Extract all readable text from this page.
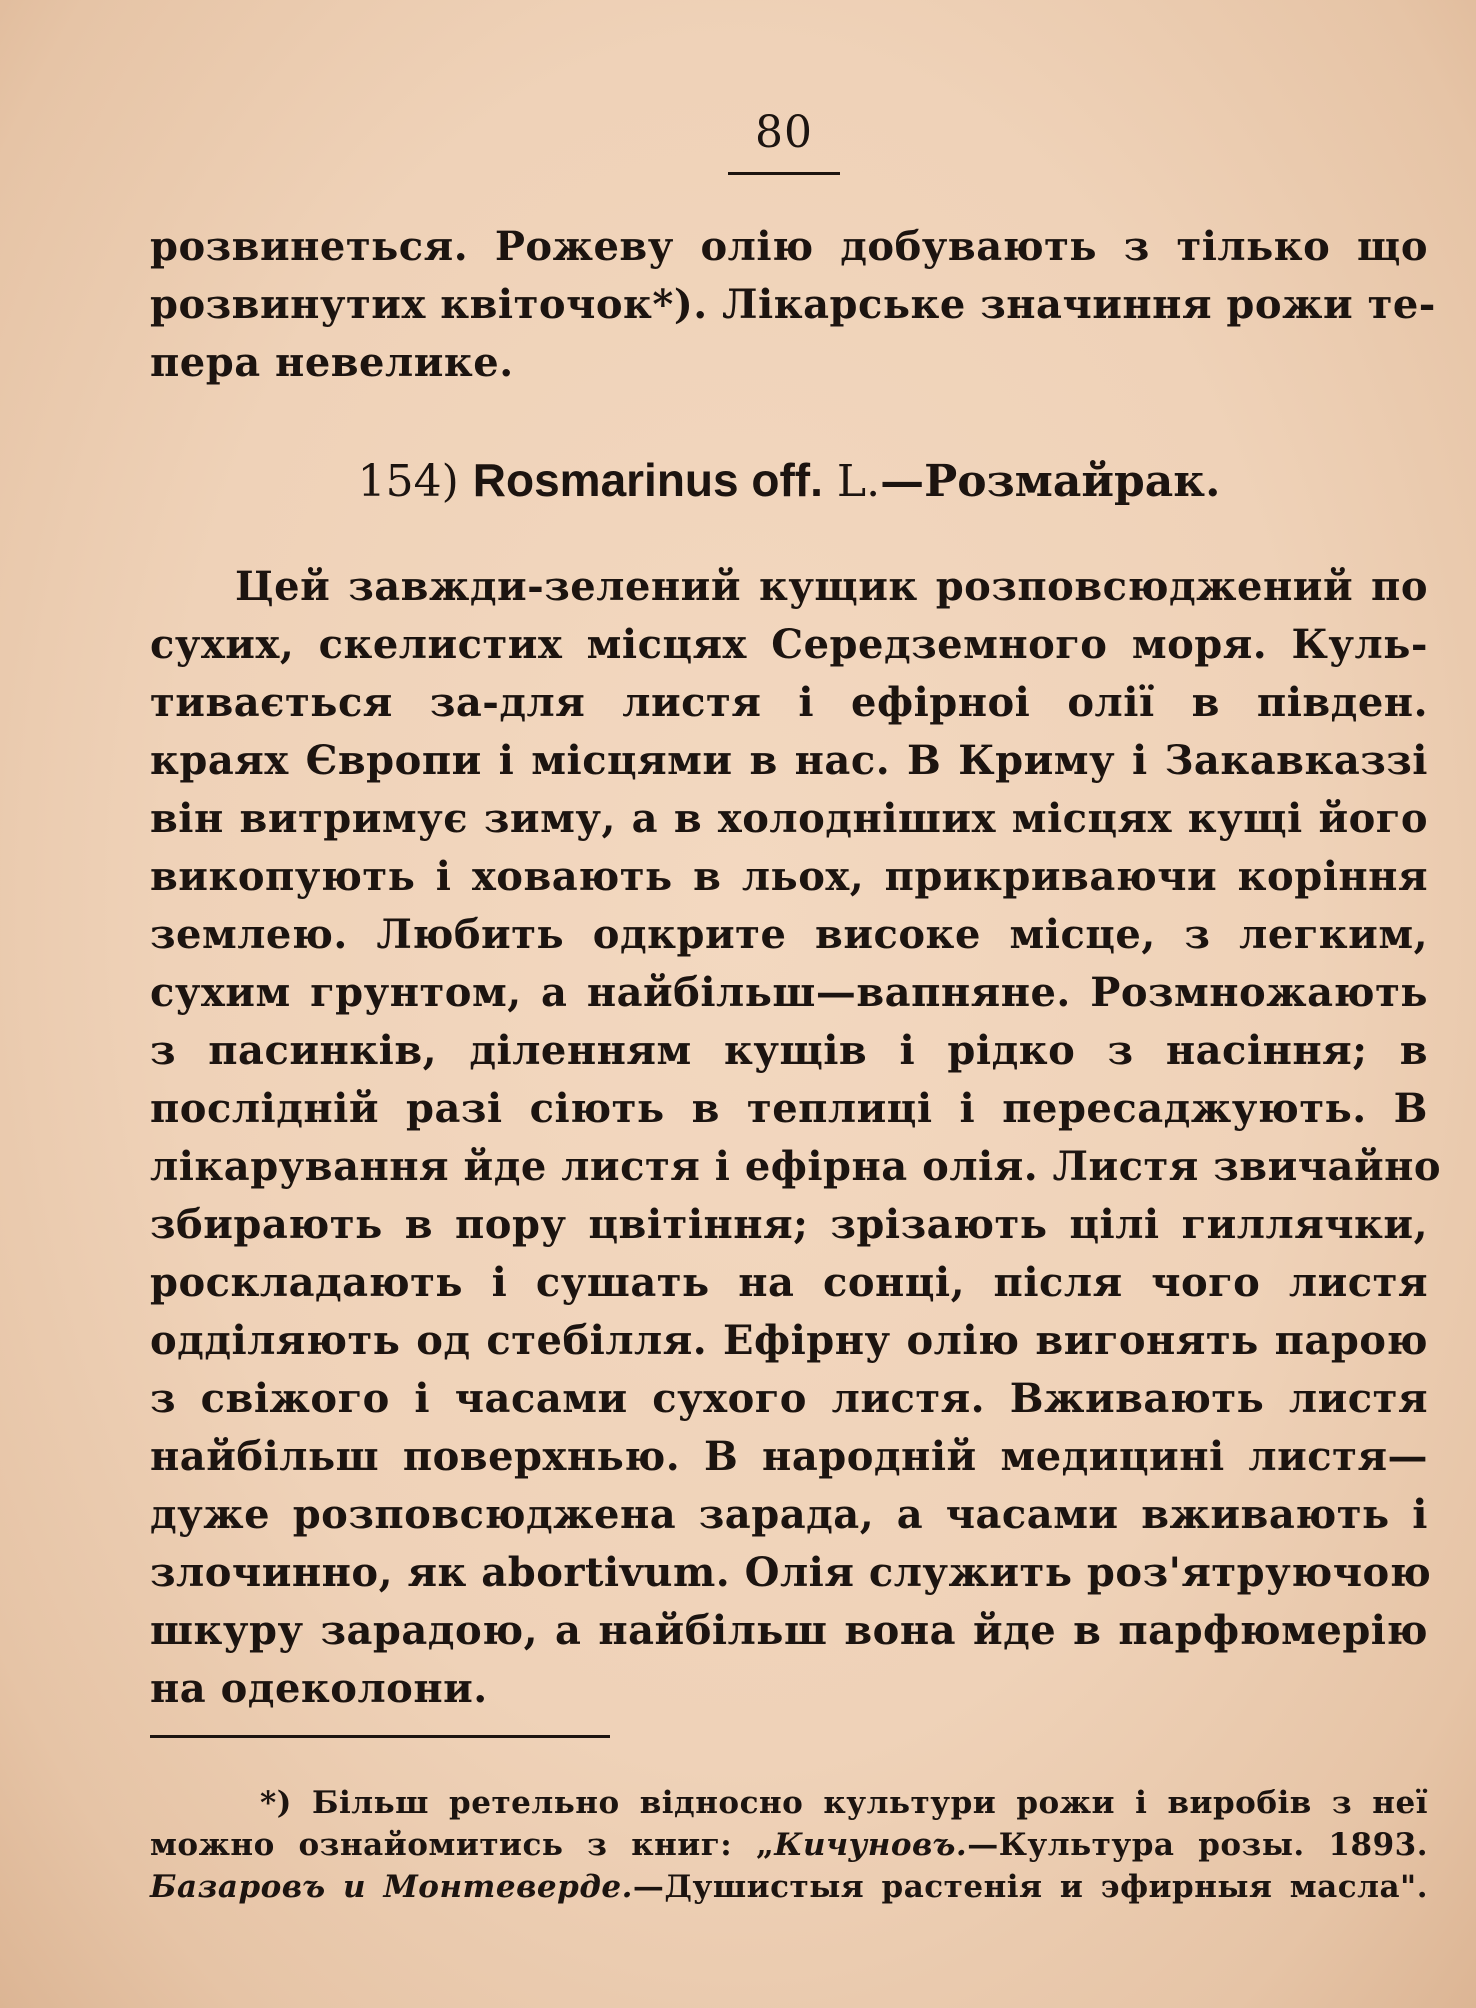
80
розвинеться. Рожеву олію добувають з тілько що
розвинутих квіточок*). Лікарське значиння рожи те-
пера невелике.
154) Rosmarinus off. L.—Розмайрак.
Цей завжди-зелений кущик розповсюджений по
сухих, скелистих місцях Середземного моря. Куль-
тивається за-для листя і ефірноі олії в півден.
краях Європи і місцями в нас. В Криму і Закавказзі
він витримує зиму, а в холодніших місцях кущі його
викопують і ховають в льох, прикриваючи коріння
землею. Любить одкрите високе місце, з легким,
сухим грунтом, а найбільш—вапняне. Розмножають
з пасинків, діленням кущів і рідко з насіння; в
послідній разі сіють в теплиці і пересаджують. В
лікарування йде листя і ефірна олія. Листя звичайно
збирають в пору цвітіння; зрізають цілі гиллячки,
роскладають і сушать на сонці, після чого листя
одділяють од стебілля. Ефірну олію вигонять парою
з свіжого і часами сухого листя. Вживають листя
найбільш поверхнью. В народній медицині листя—
дуже розповсюджена зарада, а часами вживають і
злочинно, як abortivum. Олія служить роз'ятруючою
шкуру зарадою, а найбільш вона йде в парфюмерію
на одеколони.
*) Більш ретельно відносно культури рожи і виробів з неї
можно ознайомитись з книг: „Кичуновъ.—Культура розы. 1893.
Базаровъ и Монтеверде.—Душистыя растенія и эфирныя масла".
